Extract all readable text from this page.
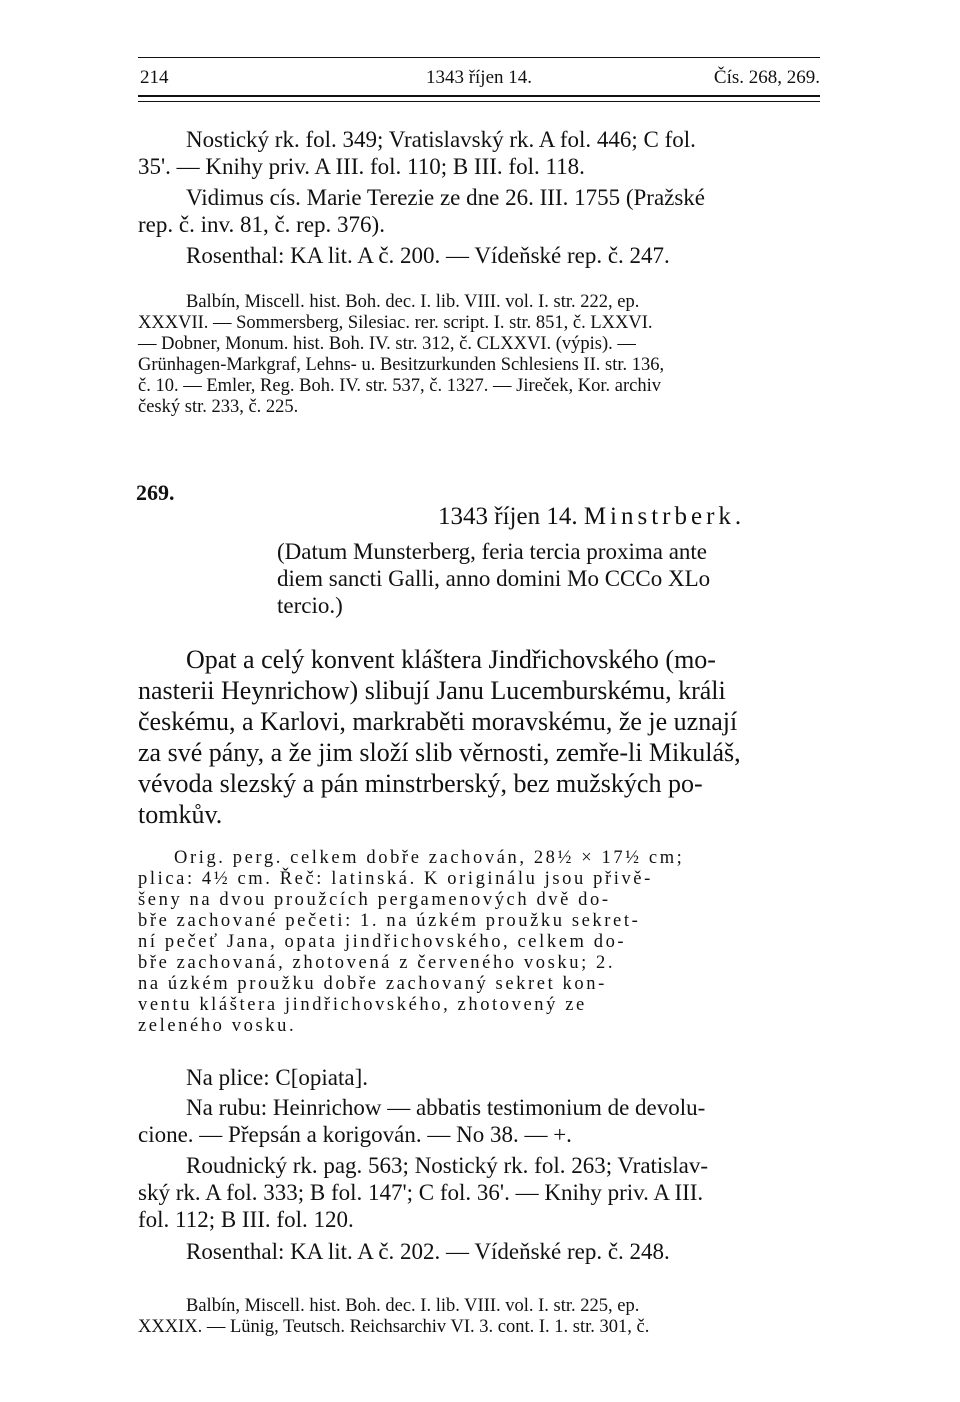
214	1343 říjen 14.	Čís. 268, 269.
Nostický rk. fol. 349; Vratislavský rk. A fol. 446; C fol.
35'. — Knihy priv. A III. fol. 110; B III. fol. 118.
Vidimus cís. Marie Terezie ze dne 26. III. 1755 (Pražské
rep. č. inv. 81, č. rep. 376).
Rosenthal: KA lit. A č. 200. — Vídeňské rep. č. 247.
Balbín, Miscell. hist. Boh. dec. I. lib. VIII. vol. I. str. 222, ep.
XXXVII. — Sommersberg, Silesiac. rer. script. I. str. 851, č. LXXVI.
— Dobner, Monum. hist. Boh. IV. str. 312, č. CLXXVI. (výpis). —
Grünhagen-Markgraf, Lehns- u. Besitzurkunden Schlesiens II. str. 136,
č. 10. — Emler, Reg. Boh. IV. str. 537, č. 1327. — Jireček, Kor. archiv
český str. 233, č. 225.
269.
1343 říjen 14. Minstrberk.
(Datum Munsterberg, feria tercia proxima ante
diem sancti Galli, anno domini Mo CCCo XLo
tercio.)
Opat a celý konvent kláštera Jindřichovského (mo-
nasterii Heynrichow) slibují Janu Lucemburskému, králi
českému, a Karlovi, markraběti moravskému, že je uznají
za své pány, a že jim složí slib věrnosti, zemře-li Mikuláš,
vévoda slezský a pán minstrberský, bez mužských po-
tomkův.
Orig. perg. celkem dobře zachován, 28½ × 17½ cm;
plica: 4½ cm. Řeč: latinská. K originálu jsou přivě-
šeny na dvou proužcích pergamenových dvě do-
bře zachované pečeti: 1. na úzkém proužku sekret-
ní pečeť Jana, opata jindřichovského, celkem do-
bře zachovaná, zhotovená z červeného vosku; 2.
na úzkém proužku dobře zachovaný sekret kon-
ventu kláštera jindřichovského, zhotovený ze
zeleného vosku.
Na plice: C[opiata].
Na rubu: Heinrichow — abbatis testimonium de devolu-
cione. — Přepsán a korigován. — No 38. — +.
Roudnický rk. pag. 563; Nostický rk. fol. 263; Vratislav-
ský rk. A fol. 333; B fol. 147'; C fol. 36'. — Knihy priv. A III.
fol. 112; B III. fol. 120.
Rosenthal: KA lit. A č. 202. — Vídeňské rep. č. 248.
Balbín, Miscell. hist. Boh. dec. I. lib. VIII. vol. I. str. 225, ep.
XXXIX. — Lünig, Teutsch. Reichsarchiv VI. 3. cont. I. 1. str. 301, č.
